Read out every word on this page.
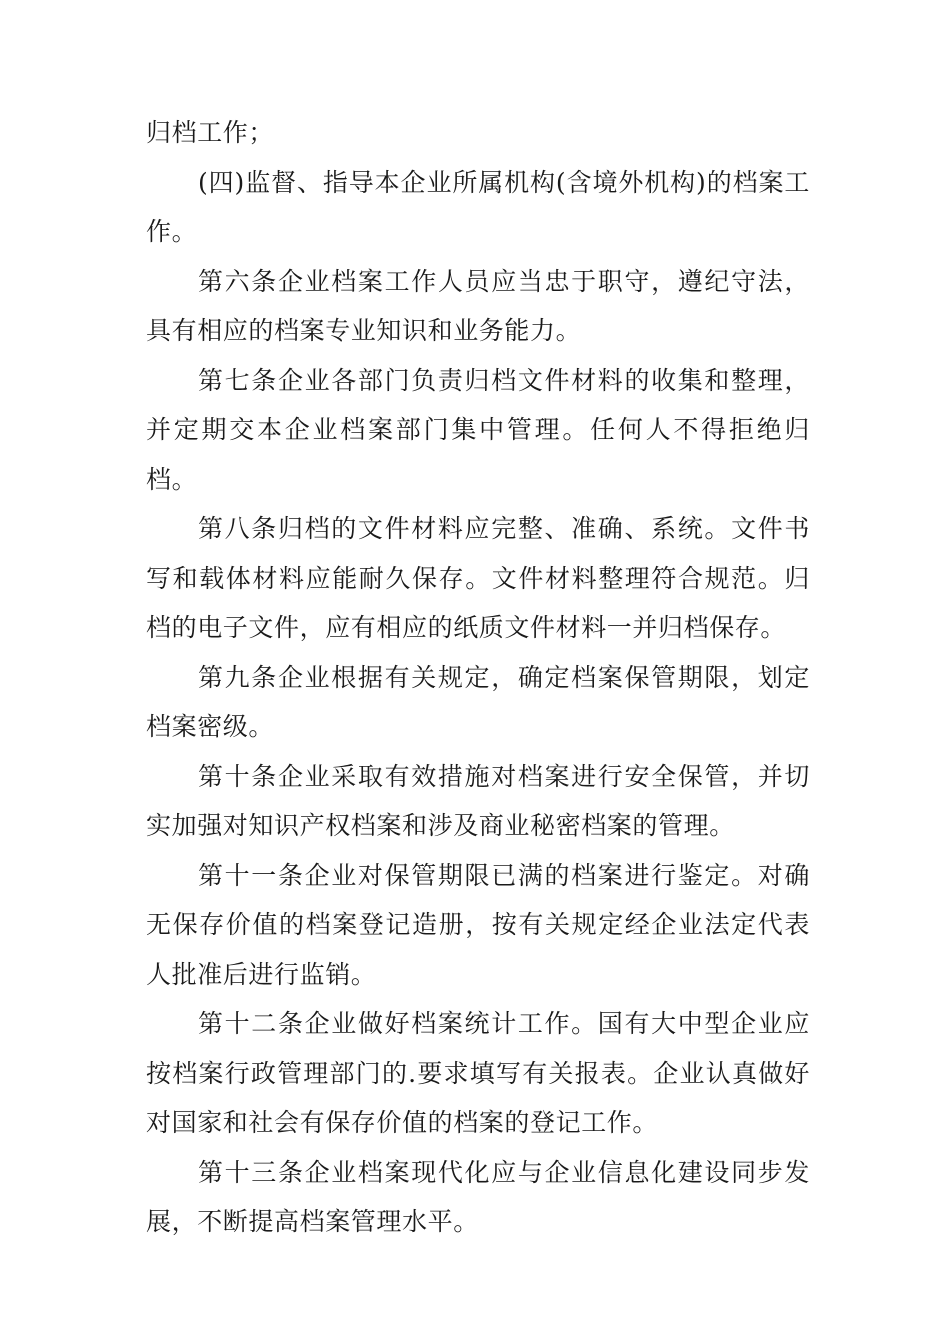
归档工作；

(四)监督、指导本企业所属机构(含境外机构)的档案工作。

第六条企业档案工作人员应当忠于职守，遵纪守法，具有相应的档案专业知识和业务能力。

第七条企业各部门负责归档文件材料的收集和整理，并定期交本企业档案部门集中管理。任何人不得拒绝归档。

第八条归档的文件材料应完整、准确、系统。文件书写和载体材料应能耐久保存。文件材料整理符合规范。归档的电子文件，应有相应的纸质文件材料一并归档保存。

第九条企业根据有关规定，确定档案保管期限，划定档案密级。

第十条企业采取有效措施对档案进行安全保管，并切实加强对知识产权档案和涉及商业秘密档案的管理。

第十一条企业对保管期限已满的档案进行鉴定。对确无保存价值的档案登记造册，按有关规定经企业法定代表人批准后进行监销。

第十二条企业做好档案统计工作。国有大中型企业应按档案行政管理部门的.要求填写有关报表。企业认真做好对国家和社会有保存价值的档案的登记工作。

第十三条企业档案现代化应与企业信息化建设同步发展，不断提高档案管理水平。
